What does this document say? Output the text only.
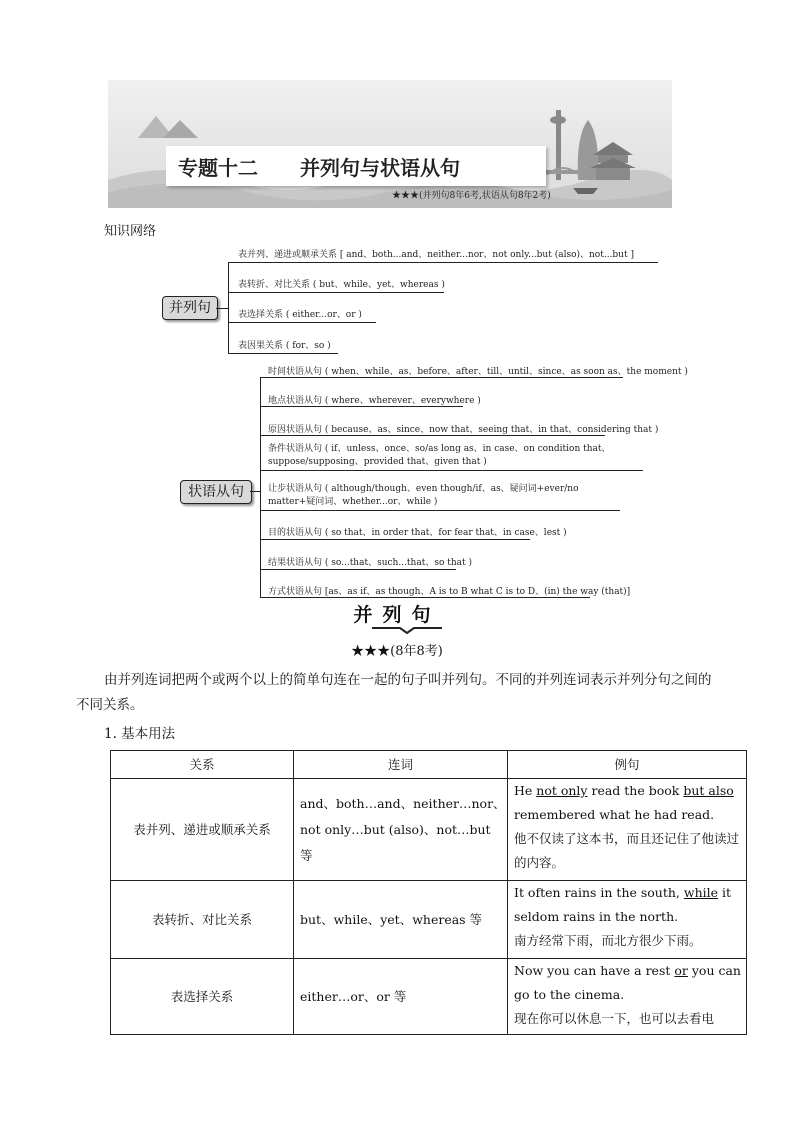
专题十二 并列句与状语从句
★★★(并列句8年6考,状语从句8年2考)
知识网络
并列句
表并列、递进或顺承关系 [ and、both...and、neither...nor、not only...but (also)、not...but ]
表转折、对比关系 ( but、while、yet、whereas )
表选择关系 ( either...or、or )
表因果关系 ( for、so )
状语从句
时间状语从句 ( when、while、as、before、after、till、until、since、as soon as、the moment )
地点状语从句 ( where、wherever、everywhere )
原因状语从句 ( because、as、since、now that、seeing that、in that、considering that )
条件状语从句 ( if、unless、once、so/as long as、in case、on condition that、suppose/supposing、provided that、given that )
让步状语从句 ( although/though、even though/if、as、疑问词+ever/no matter+疑问词、whether...or、while )
目的状语从句 ( so that、in order that、for fear that、in case、lest )
结果状语从句 ( so...that、such...that、so that )
方式状语从句 [as、as if、as though、A is to B what C is to D、(in) the way (that)]
并列句
★★★(8年8考)
由并列连词把两个或两个以上的简单句连在一起的句子叫并列句。不同的并列连词表示并列分句之间的不同关系。
1. 基本用法
关系	连词	例句
表并列、递进或顺承关系	and、both…and、neither…nor、not only…but (also)、not…but 等	He not only read the book but also remembered what he had read.
他不仅读了这本书，而且还记住了他读过的内容。
表转折、对比关系	but、while、yet、whereas 等	It often rains in the south, while it seldom rains in the north.
南方经常下雨，而北方很少下雨。
表选择关系	either…or、or 等	Now you can have a rest or you can go to the cinema.
现在你可以休息一下，也可以去看电
